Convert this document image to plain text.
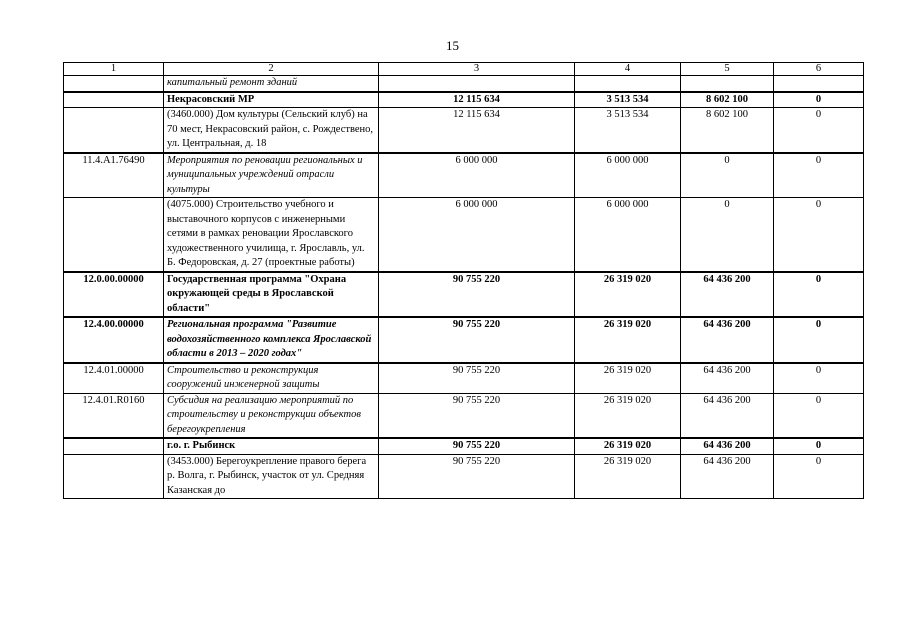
15
1	2	3	4	5	6
	капитальный ремонт зданий				
	Некрасовский МР	12 115 634	3 513 534	8 602 100	0
	(3460.000) Дом культуры (Сельский клуб) на 70 мест, Некрасовский район, с. Рождествено, ул. Центральная, д. 18	12 115 634	3 513 534	8 602 100	0
11.4.A1.76490	Мероприятия по реновации региональных и муниципальных учреждений отрасли культуры	6 000 000	6 000 000	0	0
	(4075.000) Строительство учебного и выставочного корпусов с инженерными сетями в рамках реновации Ярославского художественного училища, г. Ярославль, ул. Б. Федоровская, д. 27 (проектные работы)	6 000 000	6 000 000	0	0
12.0.00.00000	Государственная программа "Охрана окружающей среды в Ярославской области"	90 755 220	26 319 020	64 436 200	0
12.4.00.00000	Региональная программа "Развитие водохозяйственного комплекса Ярославской области в 2013 – 2020 годах"	90 755 220	26 319 020	64 436 200	0
12.4.01.00000	Строительство и реконструкция сооружений инженерной защиты	90 755 220	26 319 020	64 436 200	0
12.4.01.R0160	Субсидия на реализацию мероприятий по строительству и реконструкции объектов берегоукрепления	90 755 220	26 319 020	64 436 200	0
	г.о. г. Рыбинск	90 755 220	26 319 020	64 436 200	0
	(3453.000) Берегоукрепление правого берега р. Волга, г. Рыбинск, участок от ул. Средняя Казанская до	90 755 220	26 319 020	64 436 200	0
